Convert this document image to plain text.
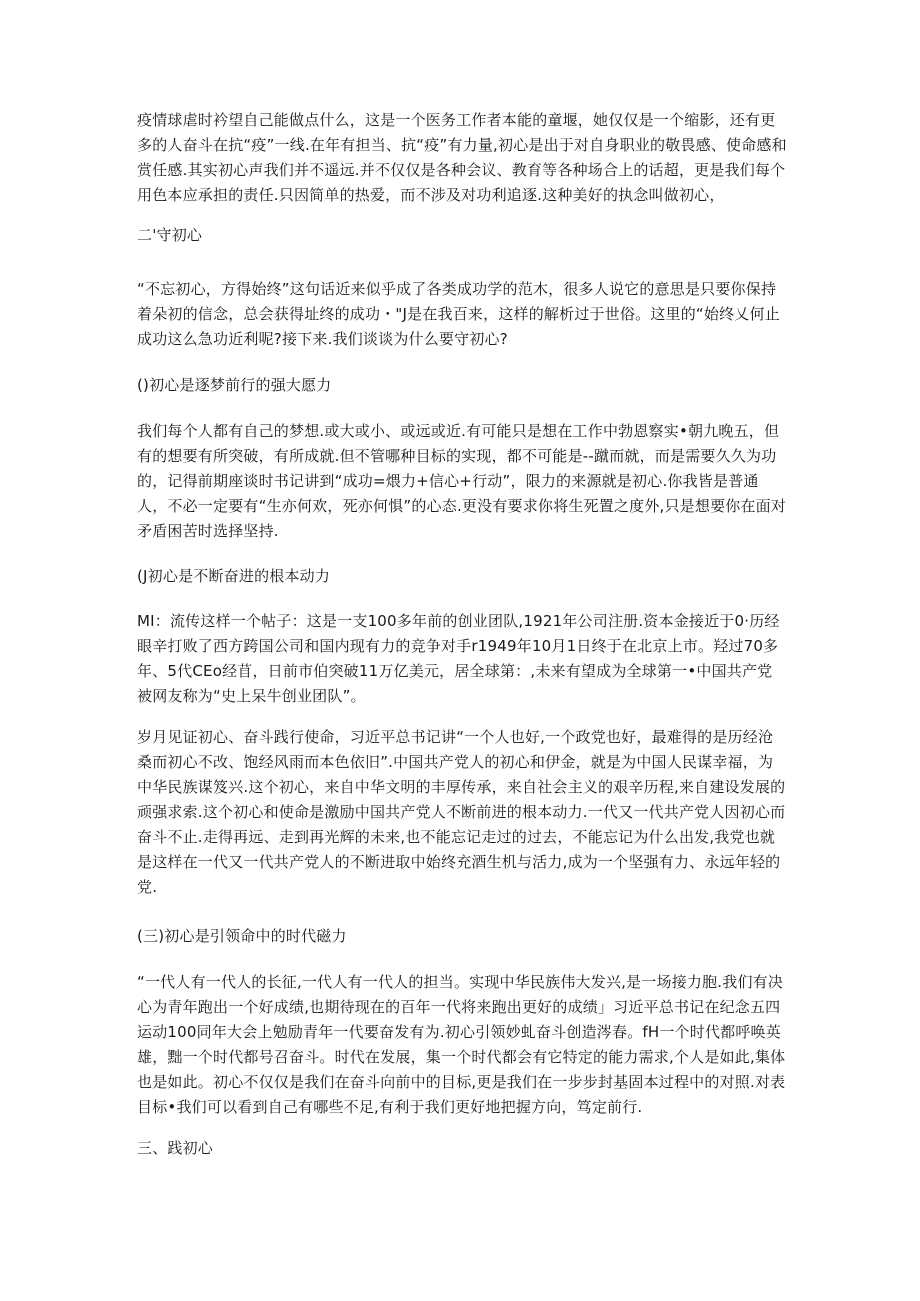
疫情球虐时衿望自己能做点什么，这是一个医务工作者本能的童堰，她仅仅是一个缩影，还有更多的人奋斗在抗“疫”一线.在年有担当、抗“疫”有力量,初心是出于对自身职业的敬畏感、使命感和赏任感.其实初心声我们并不遥远.并不仅仅是各种会议、教育等各种场合上的话超，更是我们每个用色本应承担的责任.只因简单的热爱，而不涉及对功利追逐.这种美好的执念叫做初心，

二'守初心

“不忘初心，方得始终”这句话近来似乎成了各类成功学的范木，很多人说它的意思是只要你保持着朵初的信念，总会获得址终的成功・"J是在我百来，这样的解析过于世俗。这里的“始终乂何止成功这么急功近利呢?接下来.我们谈谈为什么要守初心?

()初心是逐梦前行的强大愿力

我们每个人都有自己的梦想.或大或小、或远或近.有可能只是想在工作中勃恩察实•朝九晚五，但有的想要有所突破，有所成就.但不管哪种目标的实现，都不可能是--蹴而就，而是需要久久为功的，记得前期座谈时书记讲到“成功=煨力+信心+行动”，限力的来源就是初心.你我皆是普通人，不必一定要有“生亦何欢，死亦何惧”的心态.更没有要求你将生死置之度外,只是想要你在面对矛盾困苦时选择坚持.

(J初心是不断奋进的根本动力

MI：流传这样一个帖子：这是一支100多年前的创业团队,1921年公司注册.资本金接近于0·历经眼辛打败了西方跨国公司和国内现有力的竞争对手r1949年10月1日终于在北京上市。羟过70多年、5代CEo经苜，日前市伯突破11万亿美元，居全球第：,未来有望成为全球第一•中国共产党被网友称为“史上呆牛创业团队”。

岁月见证初心、奋斗践行使命，习近平总书记讲“一个人也好,一个政党也好，最难得的是历经沧桑而初心不改、饱经风雨而本色依旧”.中国共产党人的初心和伊金，就是为中国人民谋幸福，为中华民族谋笈兴.这个初心，来自中华文明的丰厚传承，来自社会主义的艰辛历程,来自建设发展的顽强求索.这个初心和使命是激励中国共产党人不断前进的根本动力.一代又一代共产党人因初心而奋斗不止.走得再远、走到再光辉的未来,也不能忘记走过的过去，不能忘记为什么出发,我党也就是这样在一代又一代共产党人的不断进取中始终充酒生机与活力,成为一个坚强有力、永远年轻的党.

(三)初心是引领命中的时代磁力

“一代人有一代人的长征,一代人有一代人的担当。实现中华民族伟大发兴,是一场接力胞.我们有决心为青年跑出一个好成绩,也期待现在的百年一代将来跑出更好的成绩」习近平总书记在纪念五四运动100同年大会上勉励青年一代要奋发有为.初心引领妙虬奋斗创造涔春。fH一个时代都呼唤英雄，黜一个时代都号召奋斗。时代在发展，集一个时代都会有它特定的能力需求,个人是如此,集体也是如此。初心不仅仅是我们在奋斗向前中的目标,更是我们在一步步封基固本过程中的对照.对表目标•我们可以看到自己有哪些不足,有利于我们更好地把握方向，笃定前行.

三、践初心
